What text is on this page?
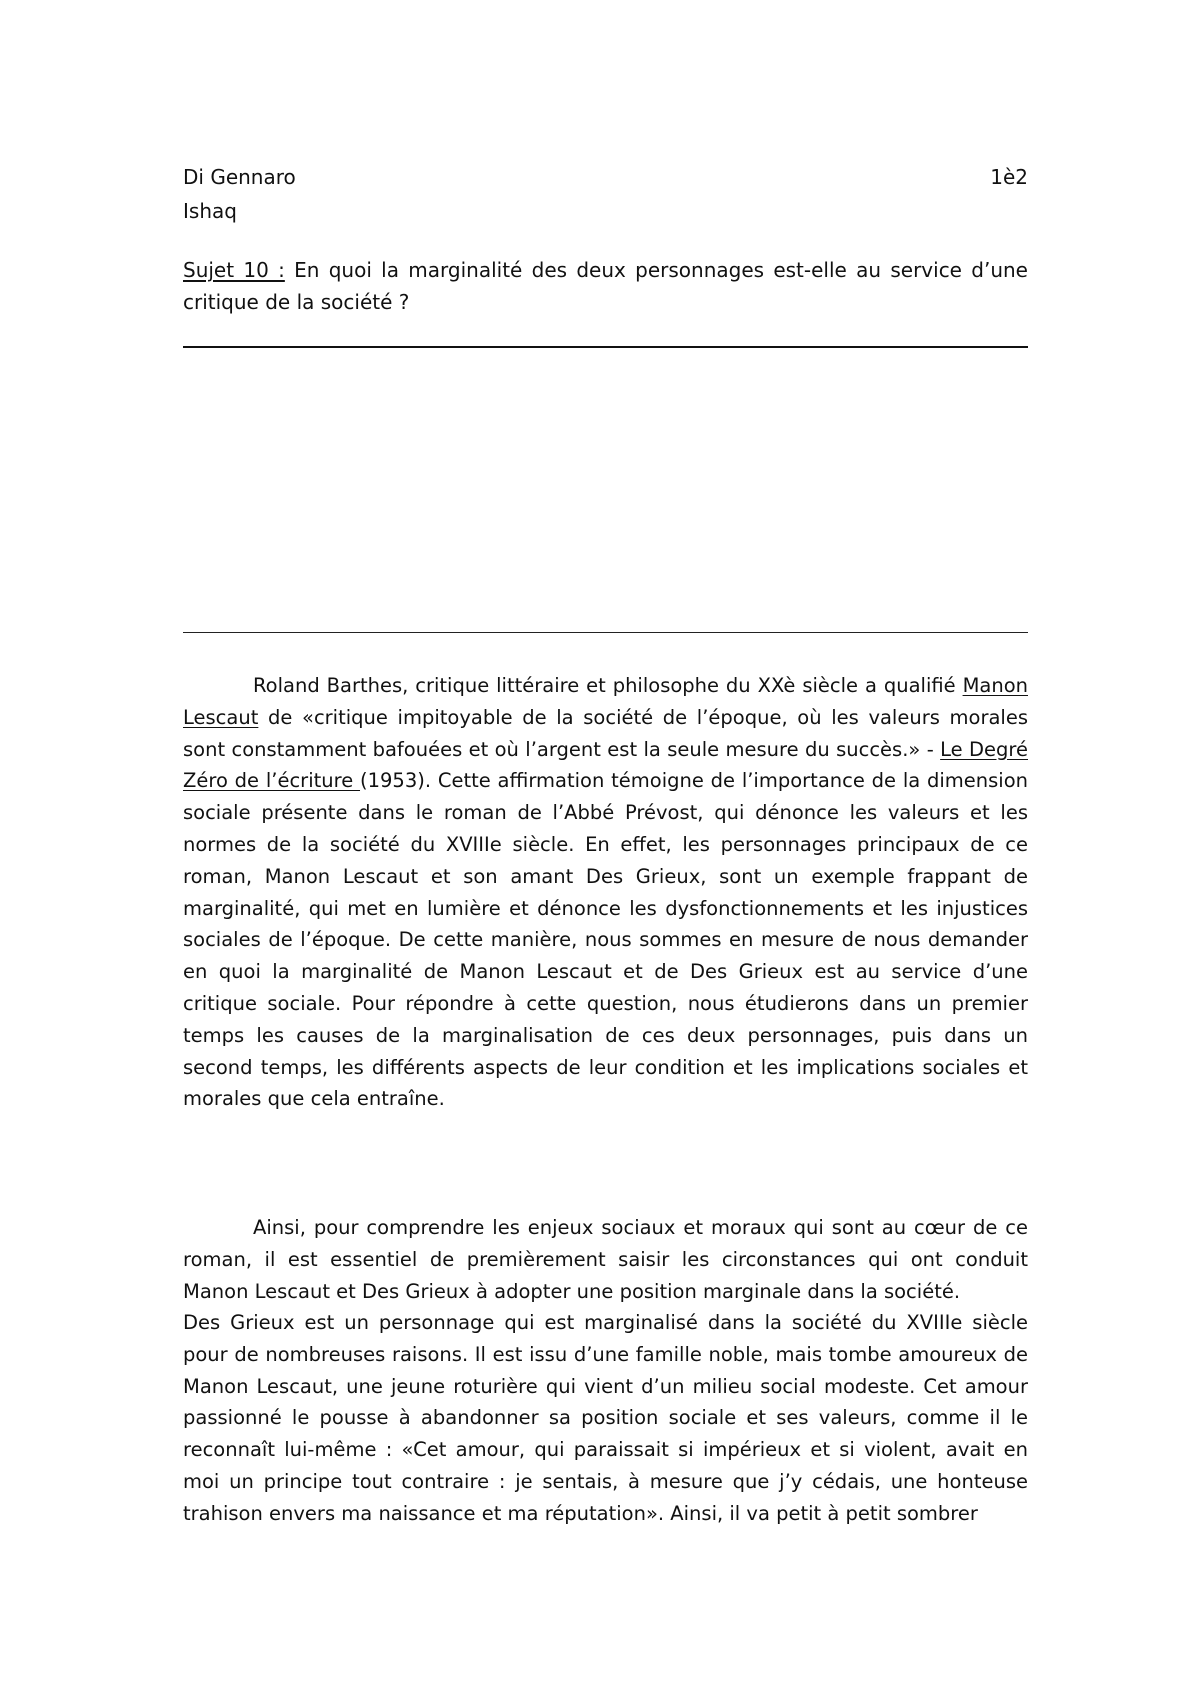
Di Gennaro	1è2
Ishaq
Sujet 10 : En quoi la marginalité des deux personnages est-elle au service d’une critique de la société ?

Roland Barthes, critique littéraire et philosophe du XXè siècle a qualifié Manon Lescaut de «critique impitoyable de la société de l’époque, où les valeurs morales sont constamment bafouées et où l’argent est la seule mesure du succès.» - Le Degré Zéro de l’écriture (1953). Cette affirmation témoigne de l’importance de la dimension sociale présente dans le roman de l’Abbé Prévost, qui dénonce les valeurs et les normes de la société du XVIIIe siècle. En effet, les personnages principaux de ce roman, Manon Lescaut et son amant Des Grieux, sont un exemple frappant de marginalité, qui met en lumière et dénonce les dysfonctionnements et les injustices sociales de l’époque. De cette manière, nous sommes en mesure de nous demander en quoi la marginalité de Manon Lescaut et de Des Grieux est au service d’une critique sociale. Pour répondre à cette question, nous étudierons dans un premier temps les causes de la marginalisation de ces deux personnages, puis dans un second temps, les différents aspects de leur condition et les implications sociales et morales que cela entraîne.

Ainsi, pour comprendre les enjeux sociaux et moraux qui sont au cœur de ce roman, il est essentiel de premièrement saisir les circonstances qui ont conduit Manon Lescaut et Des Grieux à adopter une position marginale dans la société.

Des Grieux est un personnage qui est marginalisé dans la société du XVIIIe siècle pour de nombreuses raisons. Il est issu d’une famille noble, mais tombe amoureux de Manon Lescaut, une jeune roturière qui vient d’un milieu social modeste. Cet amour passionné le pousse à abandonner sa position sociale et ses valeurs, comme il le reconnaît lui-même : «Cet amour, qui paraissait si impérieux et si violent, avait en moi un principe tout contraire : je sentais, à mesure que j’y cédais, une honteuse trahison envers ma naissance et ma réputation». Ainsi, il va petit à petit sombrer
